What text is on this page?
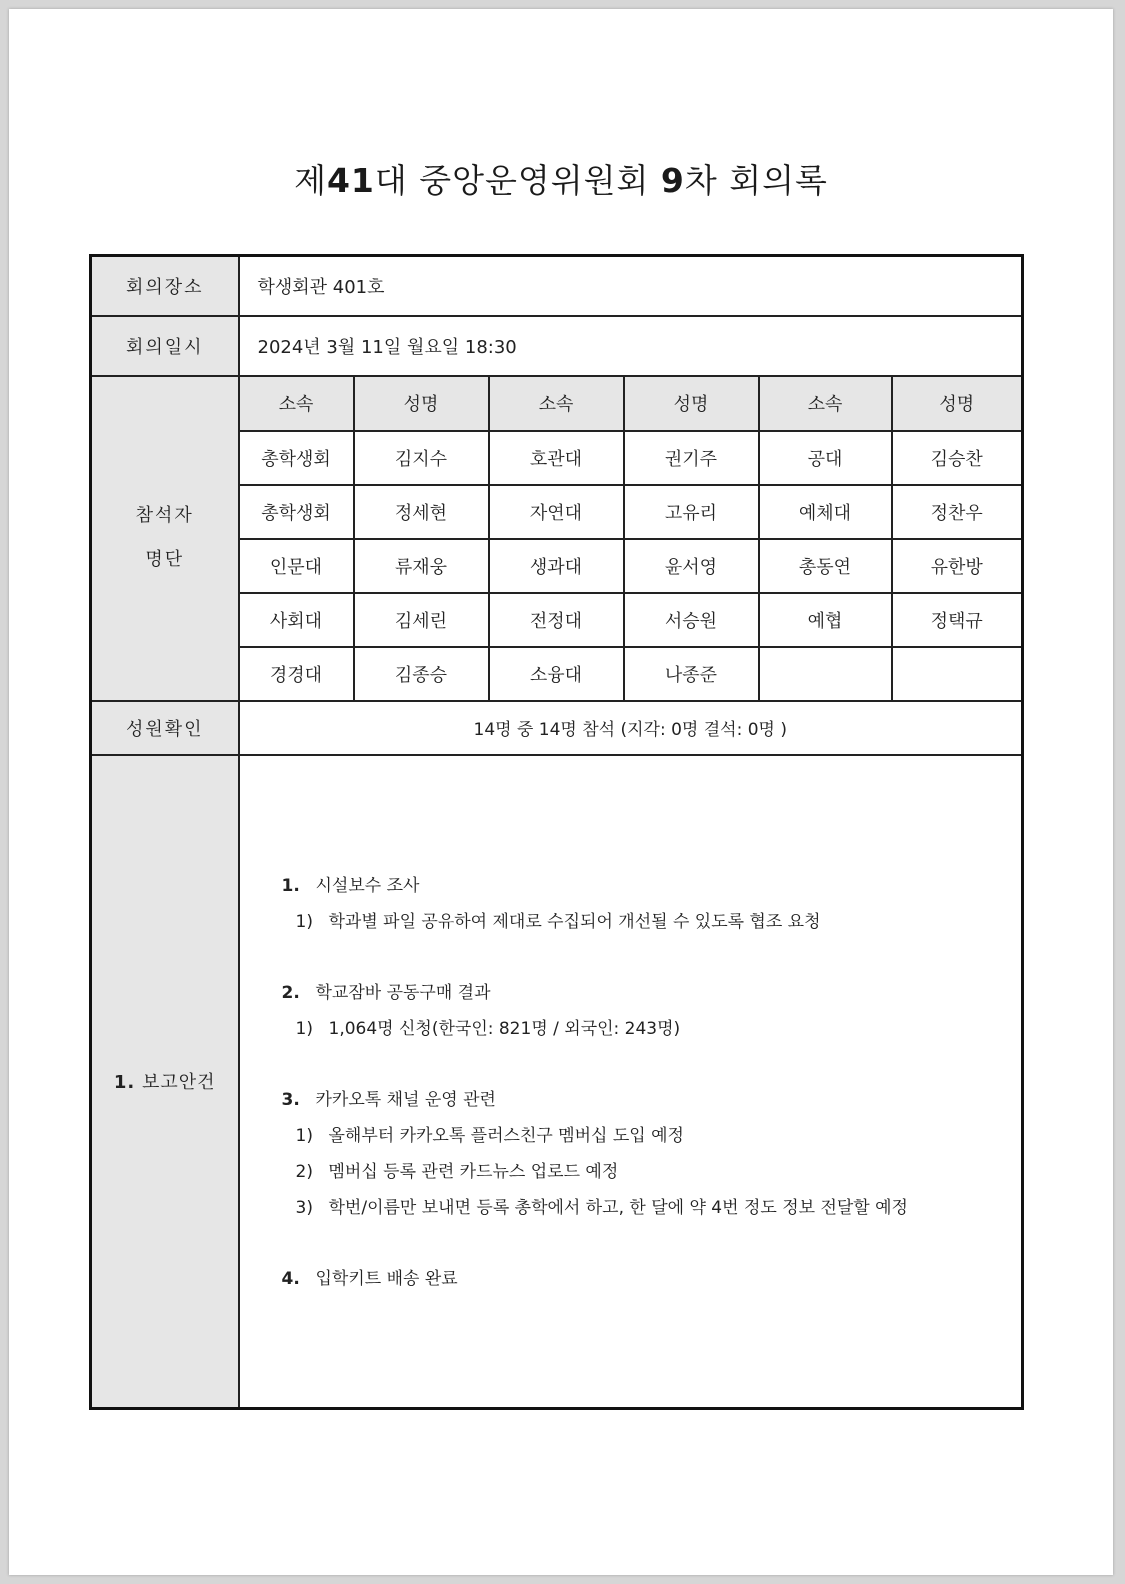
제41대 중앙운영위원회 9차 회의록
회의장소	학생회관 401호
회의일시	2024년 3월 11일 월요일 18:30

참석자
명단

소속	성명	소속	성명	소속	성명
총학생회	김지수	호관대	권기주	공대	김승찬
총학생회	정세현	자연대	고유리	예체대	정찬우
인문대	류재웅	생과대	윤서영	총동연	유한방
사회대	김세린	전정대	서승원	예협	정택규
경경대	김종승	소융대	나종준		

성원확인	14명 중 14명 참석 (지각: 0명 결석: 0명 )
1. 보고안건	
1. 시설보수 조사
1) 학과별 파일 공유하여 제대로 수집되어 개선될 수 있도록 협조 요청
2. 학교잠바 공동구매 결과
1) 1,064명 신청(한국인: 821명 / 외국인: 243명)
3. 카카오톡 채널 운영 관련
1) 올해부터 카카오톡 플러스친구 멤버십 도입 예정
2) 멤버십 등록 관련 카드뉴스 업로드 예정
3) 학번/이름만 보내면 등록 총학에서 하고, 한 달에 약 4번 정도 정보 전달할 예정
4. 입학키트 배송 완료
